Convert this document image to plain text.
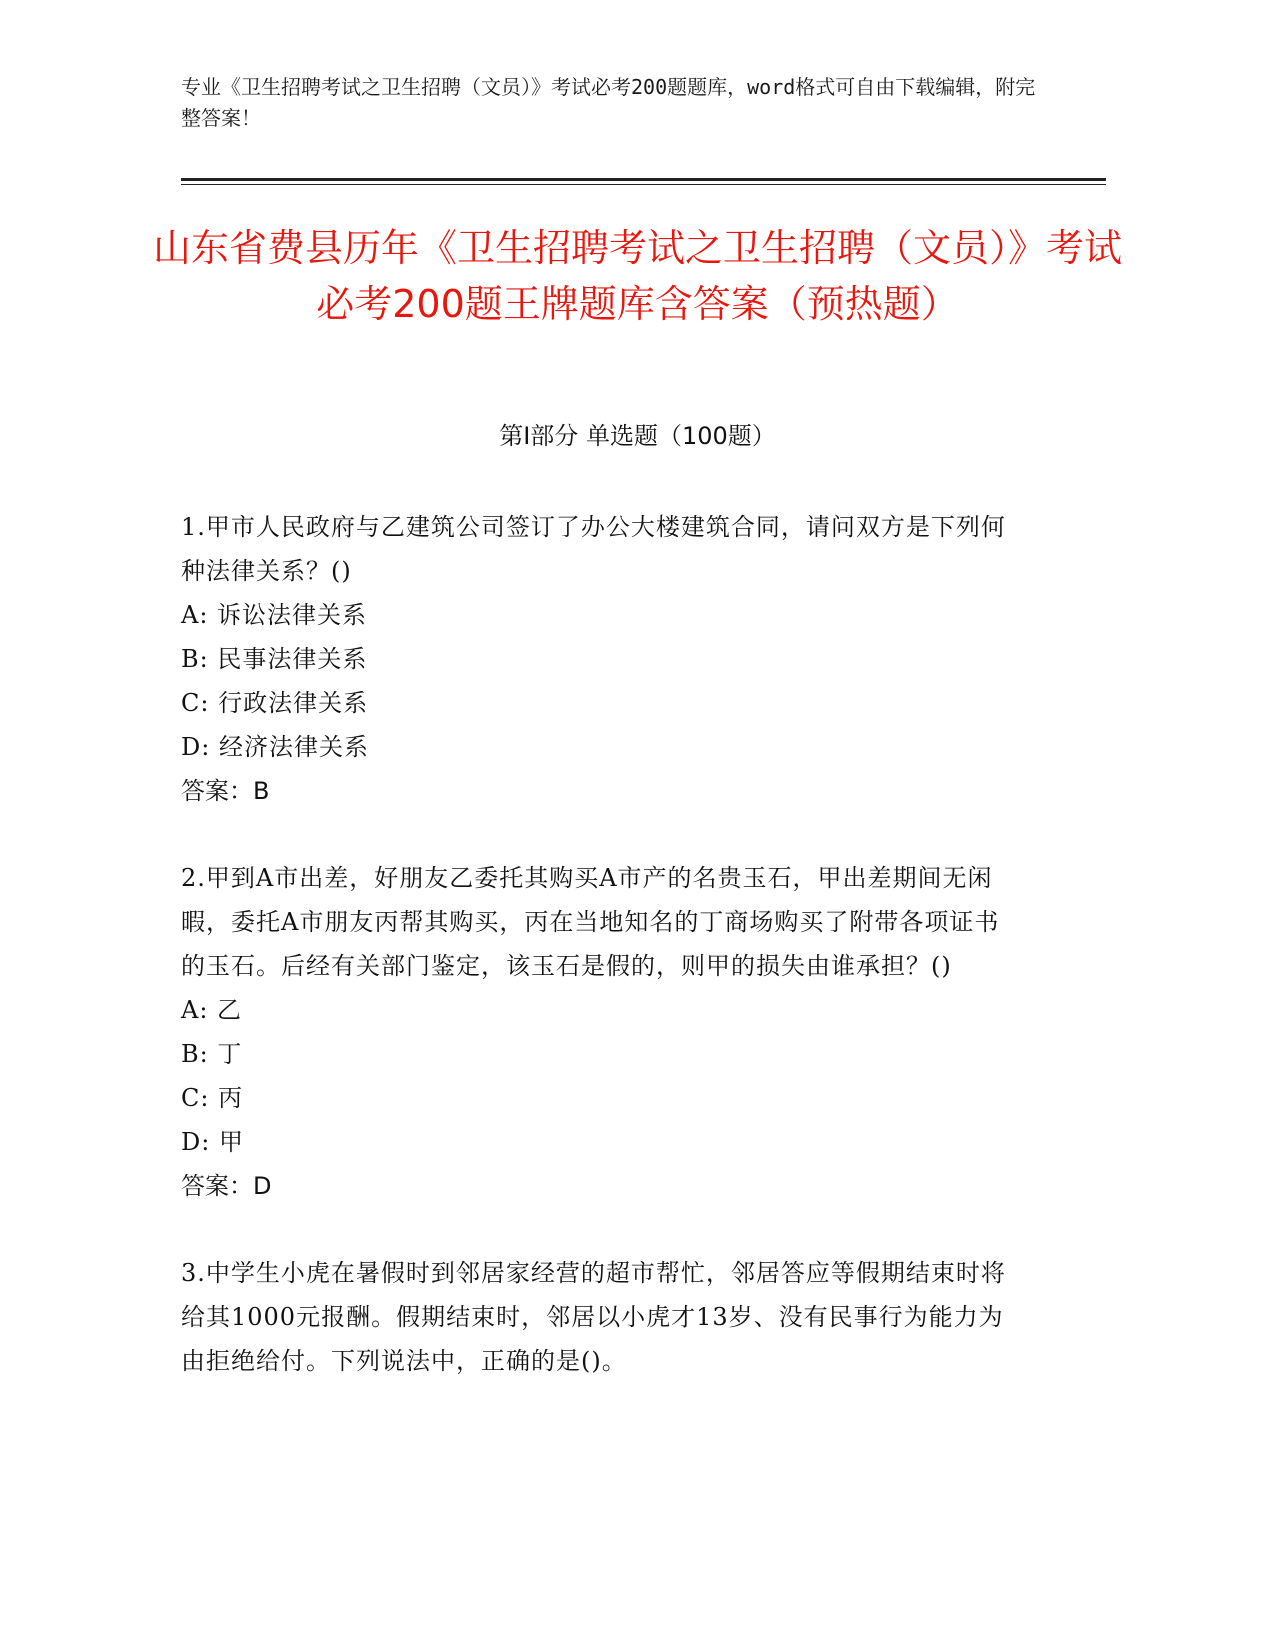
专业《卫生招聘考试之卫生招聘（文员）》考试必考200题题库，word格式可自由下载编辑，附完整答案！
山东省费县历年《卫生招聘考试之卫生招聘（文员）》考试必考200题王牌题库含答案（预热题）
第Ⅰ部分 单选题（100题）

1.甲市人民政府与乙建筑公司签订了办公大楼建筑合同，请问双方是下列何种法律关系？()

A: 诉讼法律关系

B: 民事法律关系

C: 行政法律关系

D: 经济法律关系

答案：B

2.甲到A市出差，好朋友乙委托其购买A市产的名贵玉石，甲出差期间无闲暇，委托A市朋友丙帮其购买，丙在当地知名的丁商场购买了附带各项证书的玉石。后经有关部门鉴定，该玉石是假的，则甲的损失由谁承担？()

A: 乙

B: 丁

C: 丙

D: 甲

答案：D

3.中学生小虎在暑假时到邻居家经营的超市帮忙，邻居答应等假期结束时将给其1000元报酬。假期结束时，邻居以小虎才13岁、没有民事行为能力为由拒绝给付。下列说法中，正确的是()。
